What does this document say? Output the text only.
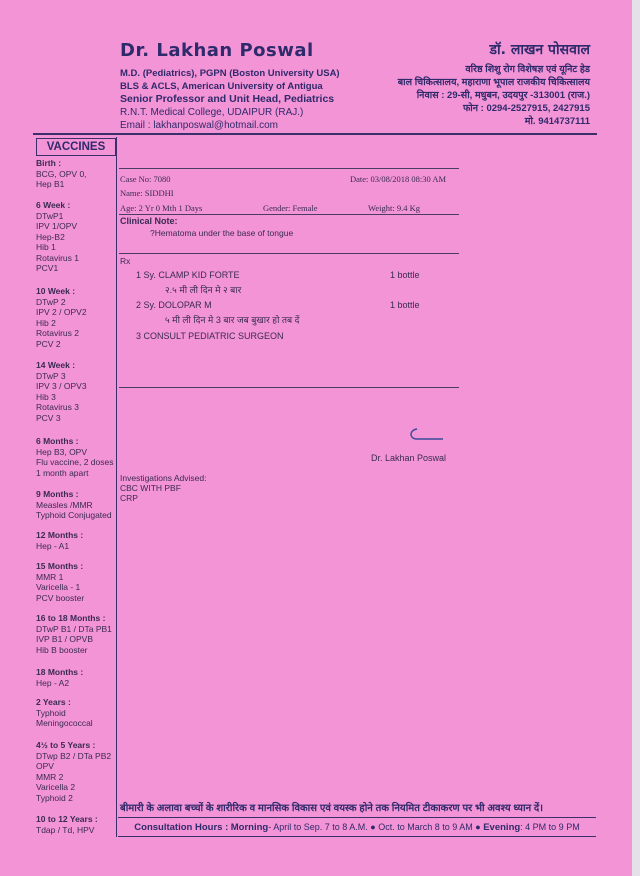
Dr. Lakhan Poswal
M.D. (Pediatrics), PGPN (Boston University USA)
BLS & ACLS, American University of Antigua
Senior Professor and Unit Head, Pediatrics
R.N.T. Medical College, UDAIPUR (RAJ.)
Email : lakhanposwal@hotmail.com
डॉ. लाखन पोसवाल
वरिष्ठ शिशु रोग विशेषज्ञ एवं यूनिट हेड
बाल चिकित्सालय, महाराणा भूपाल राजकीय चिकित्सालय
निवास : 29-सी, मधुबन, उदयपुर -313001 (राज.)
फोन : 0294-2527915, 2427915
मो. 9414737111
VACCINES
Birth :
BCG, OPV 0,
Hep B1
6 Week :
DTwP1
IPV 1/OPV
Hep-B2
Hib 1
Rotavirus 1
PCV1
10 Week :
DTwP 2
IPV 2 / OPV2
Hib 2
Rotavirus 2
PCV 2
14 Week :
DTwP 3
IPV 3 / OPV3
Hib 3
Rotavirus 3
PCV 3
6 Months :
Hep B3, OPV
Flu vaccine, 2 doses
1 month apart
9 Months :
Measles /MMR
Typhoid Conjugated
12 Months :
Hep - A1
15 Months :
MMR 1
Varicella - 1
PCV booster
16 to 18 Months :
DTwP B1 / DTa PB1
IVP B1 / OPVB
Hib B booster
18 Months :
Hep - A2
2 Years :
Typhoid
Meningococcal
4½ to 5 Years :
DTwp B2 / DTa PB2
OPV
MMR 2
Varicella 2
Typhoid 2
10 to 12 Years :
Tdap / Td, HPV
Case No: 7080	Date: 03/08/2018 08:30 AM
Name: SIDDHI
Age: 2 Yr 0 Mth 1 Days	Gender: Female	Weight: 9.4 Kg
Clinical Note:
?Hematoma under the base of tongue
Rx
1 Sy. CLAMP KID FORTE	1 bottle
२.५ मी ली दिन मे २ बार
2 Sy. DOLOPAR M	1 bottle
५ मी ली दिन मे 3 बार जब बुखार हो तब दें
3 CONSULT PEDIATRIC SURGEON
Dr. Lakhan Poswal
Investigations Advised:
CBC WITH PBF
CRP
बीमारी के अलावा बच्चों के शारीरिक व मानसिक विकास एवं वयस्क होने तक नियमित टीकाकरण पर भी अवश्य ध्यान दें।
Consultation Hours : Morning- April to Sep. 7 to 8 A.M. ● Oct. to March 8 to 9 AM ● Evening: 4 PM to 9 PM
